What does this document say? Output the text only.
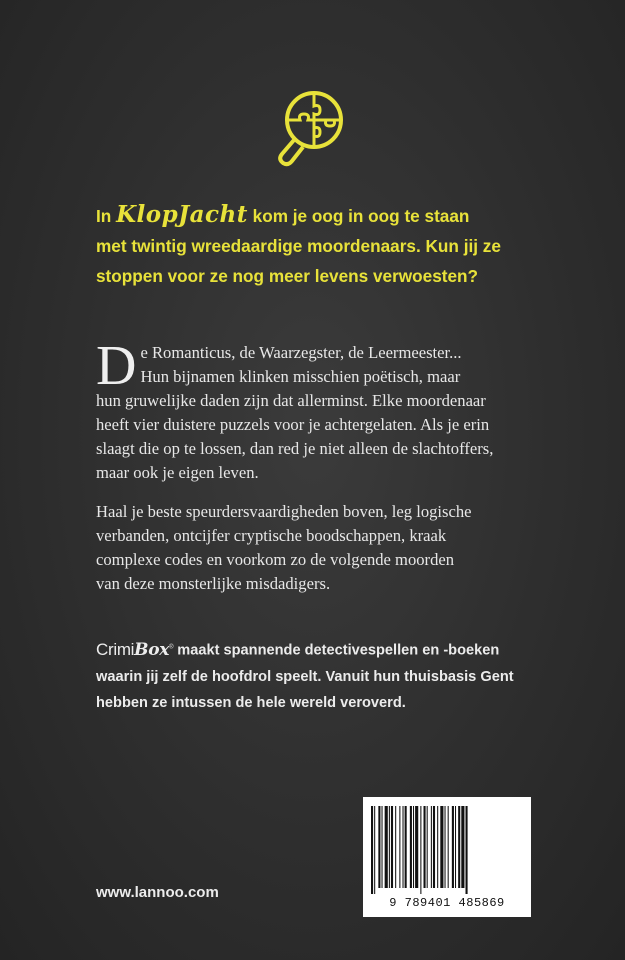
In KlopJacht kom je oog in oog te staan
met twintig wreedaardige moordenaars. Kun jij ze
stoppen voor ze nog meer levens verwoesten?
D e Romanticus, de Waarzegster, de Leermeester...
Hun bijnamen klinken misschien poëtisch, maar
hun gruwelijke daden zijn dat allerminst. Elke moordenaar
heeft vier duistere puzzels voor je achtergelaten. Als je erin
slaagt die op te lossen, dan red je niet alleen de slachtoffers,
maar ook je eigen leven.
Haal je beste speurdersvaardigheden boven, leg logische
verbanden, ontcijfer cryptische boodschappen, kraak
complexe codes en voorkom zo de volgende moorden
van deze monsterlijke misdadigers.
CrimiBox® maakt spannende detectivespellen en -boeken
waarin jij zelf de hoofdrol speelt. Vanuit hun thuisbasis Gent
hebben ze intussen de hele wereld veroverd.
9 789401 485869
www.lannoo.com
